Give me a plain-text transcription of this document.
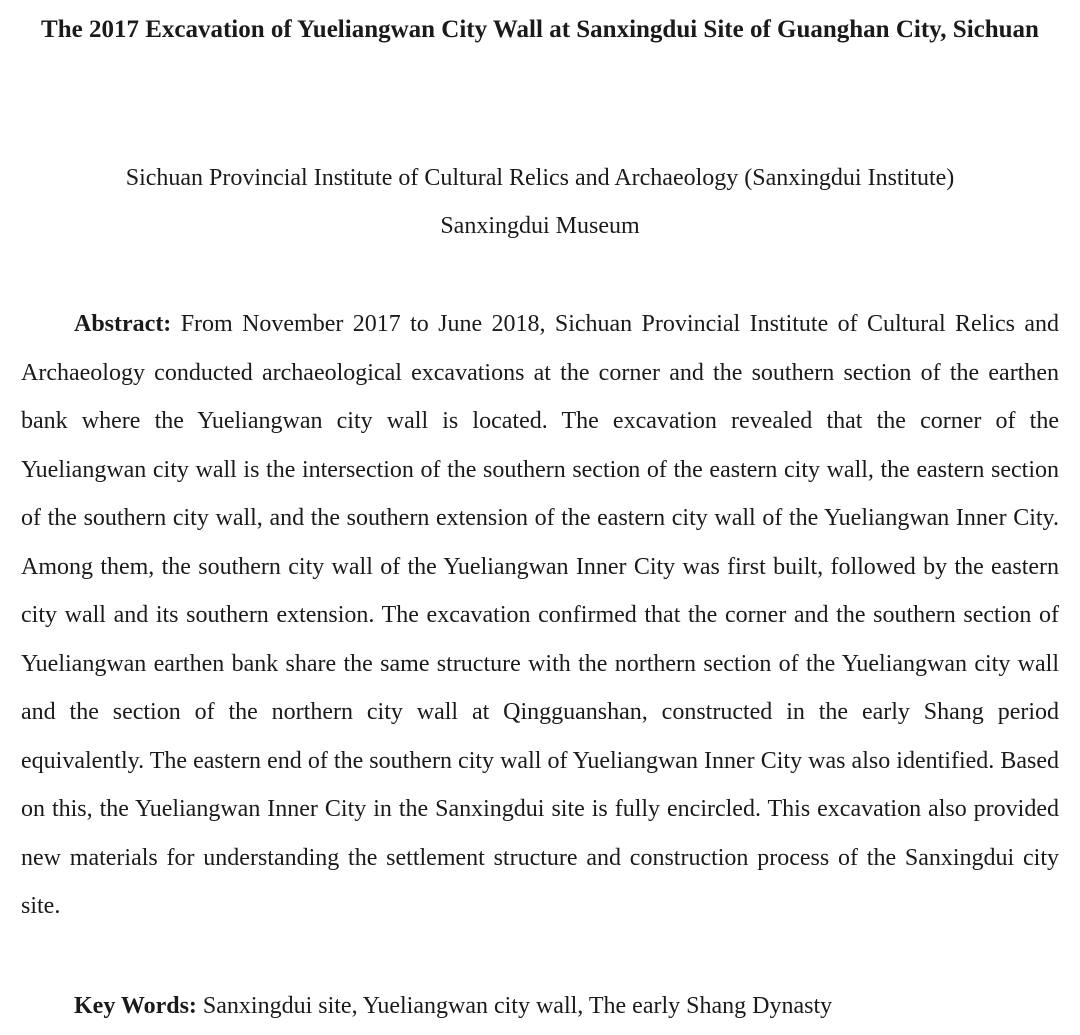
The 2017 Excavation of Yueliangwan City Wall at Sanxingdui Site of Guanghan City, Sichuan

Sichuan Provincial Institute of Cultural Relics and Archaeology (Sanxingdui Institute)

Sanxingdui Museum

Abstract: From November 2017 to June 2018, Sichuan Provincial Institute of Cultural Relics and Archaeology conducted archaeological excavations at the corner and the southern section of the earthen bank where the Yueliangwan city wall is located. The excavation revealed that the corner of the Yueliangwan city wall is the intersection of the southern section of the eastern city wall, the eastern section of the southern city wall, and the southern extension of the eastern city wall of the Yueliangwan Inner City. Among them, the southern city wall of the Yueliangwan Inner City was first built, followed by the eastern city wall and its southern extension. The excavation confirmed that the corner and the southern section of Yueliangwan earthen bank share the same structure with the northern section of the Yueliangwan city wall and the section of the northern city wall at Qingguanshan, constructed in the early Shang period equivalently. The eastern end of the southern city wall of Yueliangwan Inner City was also identified. Based on this, the Yueliangwan Inner City in the Sanxingdui site is fully encircled. This excavation also provided new materials for understanding the settlement structure and construction process of the Sanxingdui city site.

Key Words: Sanxingdui site, Yueliangwan city wall, The early Shang Dynasty
